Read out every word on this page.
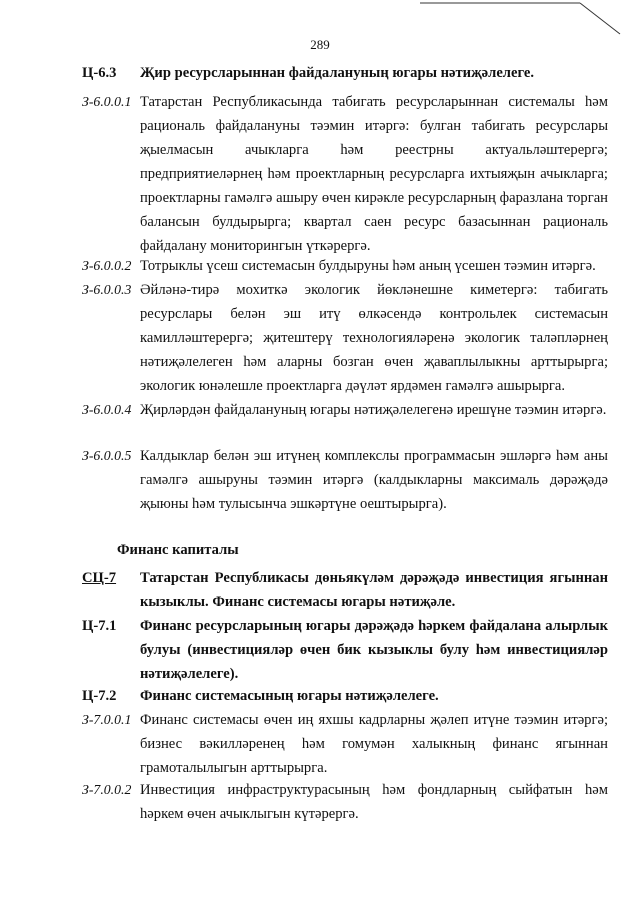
289
Ц-6.3 Җир ресурсларыннан файдалануның югары нәтиҗәлелеге.
З-6.0.0.1 Татарстан Республикасында табигать ресурсларыннан системалы һәм рациональ файдалануны тәэмин итәргә: булган табигать ресурслары җыелмасын ачыкларга һәм реестрны актуальләштерергә; предприятиеләрнең һәм проектларның ресурсларга ихтыяҗын ачыкларга; проектларны гамәлгә ашыру өчен кирәкле ресурсларның фаразлана торган балансын булдырырга; квартал саен ресурс базасыннан рациональ файдалану мониторингын үткәрергә.
З-6.0.0.2 Тотрыклы үсеш системасын булдыруны һәм аның үсешен тәэмин итәргә.
З-6.0.0.3 Әйләнә-тирә мохиткә экологик йөкләнешне киметергә: табигать ресурслары белән эш итү өлкәсендә контрольлек системасын камилләштерергә; җитештерү технологияләренә экологик таләпләрнең нәтиҗәлелеген һәм аларны бозган өчен җаваплылыкны арттырырга; экологик юнәлешле проектларга дәүләт ярдәмен гамәлгә ашырырга.
З-6.0.0.4 Җирләрдән файдалануның югары нәтиҗәлелегенә ирешүне тәэмин итәргә.
З-6.0.0.5 Калдыклар белән эш итүнең комплекслы программасын эшләргә һәм аны гамәлгә ашыруны тәэмин итәргә (калдыкларны максималь дәрәҗәдә җыюны һәм тулысынча эшкәртүне оештырырга).
Финанс капиталы
СЦ-7 Татарстан Республикасы дөньякүләм дәрәҗәдә инвестиция ягыннан кызыклы. Финанс системасы югары нәтиҗәле.
Ц-7.1 Финанс ресурсларының югары дәрәҗәдә һәркем файдалана алырлык булуы (инвестицияләр өчен бик кызыклы булу һәм инвестицияләр нәтиҗәлелеге).
Ц-7.2 Финанс системасының югары нәтиҗәлелеге.
З-7.0.0.1 Финанс системасы өчен иң яхшы кадрларны җәлеп итүне тәэмин итәргә; бизнес вәкилләренең һәм гомумән халыкның финанс ягыннан грамоталылыгын арттырырга.
З-7.0.0.2 Инвестиция инфраструктурасының һәм фондларның сыйфатын һәм һәркем өчен ачыклыгын күтәрергә.
